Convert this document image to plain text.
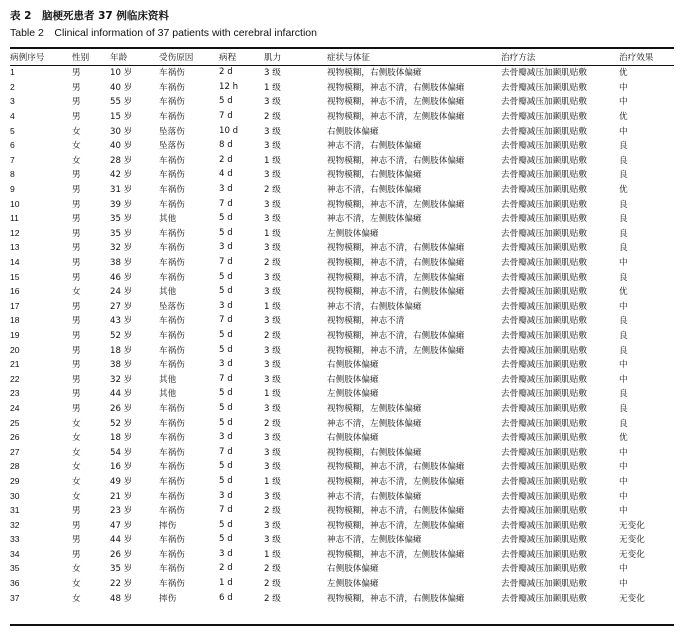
表 2　脑梗死患者 37 例临床资料
Table 2　Clinical information of 37 patients with cerebral infarction
病例序号	性别	年龄	受伤原因	病程	肌力	症状与体征	治疗方法	治疗效果
1	男	10 岁	车祸伤	2 d	3 级	视物模糊，右侧肢体偏瘫	去骨瓣减压加颞肌贴敷	优
2	男	40 岁	车祸伤	12 h	1 级	视物模糊，神志不清，右侧肢体偏瘫	去骨瓣减压加颞肌贴敷	中
3	男	55 岁	车祸伤	5 d	3 级	视物模糊，神志不清，左侧肢体偏瘫	去骨瓣减压加颞肌贴敷	中
4	男	15 岁	车祸伤	7 d	2 级	视物模糊，神志不清，左侧肢体偏瘫	去骨瓣减压加颞肌贴敷	优
5	女	30 岁	坠落伤	10 d	3 级	右侧肢体偏瘫	去骨瓣减压加颞肌贴敷	中
6	女	40 岁	坠落伤	8 d	3 级	神志不清，右侧肢体偏瘫	去骨瓣减压加颞肌贴敷	良
7	女	28 岁	车祸伤	2 d	1 级	视物模糊，神志不清，右侧肢体偏瘫	去骨瓣减压加颞肌贴敷	良
8	男	42 岁	车祸伤	4 d	3 级	视物模糊，右侧肢体偏瘫	去骨瓣减压加颞肌贴敷	良
9	男	31 岁	车祸伤	3 d	2 级	神志不清，右侧肢体偏瘫	去骨瓣减压加颞肌贴敷	优
10	男	39 岁	车祸伤	7 d	3 级	视物模糊，神志不清，左侧肢体偏瘫	去骨瓣减压加颞肌贴敷	良
11	男	35 岁	其他	5 d	3 级	神志不清，左侧肢体偏瘫	去骨瓣减压加颞肌贴敷	良
12	男	35 岁	车祸伤	5 d	1 级	左侧肢体偏瘫	去骨瓣减压加颞肌贴敷	良
13	男	32 岁	车祸伤	3 d	3 级	视物模糊，神志不清，右侧肢体偏瘫	去骨瓣减压加颞肌贴敷	良
14	男	38 岁	车祸伤	7 d	2 级	视物模糊，神志不清，右侧肢体偏瘫	去骨瓣减压加颞肌贴敷	中
15	男	46 岁	车祸伤	5 d	3 级	视物模糊，神志不清，左侧肢体偏瘫	去骨瓣减压加颞肌贴敷	良
16	女	24 岁	其他	5 d	3 级	视物模糊，神志不清，右侧肢体偏瘫	去骨瓣减压加颞肌贴敷	优
17	男	27 岁	坠落伤	3 d	1 级	神志不清，右侧肢体偏瘫	去骨瓣减压加颞肌贴敷	中
18	男	43 岁	车祸伤	7 d	3 级	视物模糊，神志不清	去骨瓣减压加颞肌贴敷	良
19	男	52 岁	车祸伤	5 d	2 级	视物模糊，神志不清，右侧肢体偏瘫	去骨瓣减压加颞肌贴敷	良
20	男	18 岁	车祸伤	5 d	3 级	视物模糊，神志不清，左侧肢体偏瘫	去骨瓣减压加颞肌贴敷	良
21	男	38 岁	车祸伤	3 d	3 级	右侧肢体偏瘫	去骨瓣减压加颞肌贴敷	中
22	男	32 岁	其他	7 d	3 级	右侧肢体偏瘫	去骨瓣减压加颞肌贴敷	中
23	男	44 岁	其他	5 d	1 级	左侧肢体偏瘫	去骨瓣减压加颞肌贴敷	良
24	男	26 岁	车祸伤	5 d	3 级	视物模糊，左侧肢体偏瘫	去骨瓣减压加颞肌贴敷	良
25	女	52 岁	车祸伤	5 d	2 级	神志不清，左侧肢体偏瘫	去骨瓣减压加颞肌贴敷	良
26	女	18 岁	车祸伤	3 d	3 级	右侧肢体偏瘫	去骨瓣减压加颞肌贴敷	优
27	女	54 岁	车祸伤	7 d	3 级	视物模糊，右侧肢体偏瘫	去骨瓣减压加颞肌贴敷	中
28	女	16 岁	车祸伤	5 d	3 级	视物模糊，神志不清，右侧肢体偏瘫	去骨瓣减压加颞肌贴敷	中
29	女	49 岁	车祸伤	5 d	1 级	视物模糊，神志不清，左侧肢体偏瘫	去骨瓣减压加颞肌贴敷	中
30	女	21 岁	车祸伤	3 d	3 级	神志不清，右侧肢体偏瘫	去骨瓣减压加颞肌贴敷	中
31	男	23 岁	车祸伤	7 d	2 级	视物模糊，神志不清，右侧肢体偏瘫	去骨瓣减压加颞肌贴敷	中
32	男	47 岁	摔伤	5 d	3 级	视物模糊，神志不清，左侧肢体偏瘫	去骨瓣减压加颞肌贴敷	无变化
33	男	44 岁	车祸伤	5 d	3 级	神志不清，左侧肢体偏瘫	去骨瓣减压加颞肌贴敷	无变化
34	男	26 岁	车祸伤	3 d	1 级	视物模糊，神志不清，左侧肢体偏瘫	去骨瓣减压加颞肌贴敷	无变化
35	女	35 岁	车祸伤	2 d	2 级	右侧肢体偏瘫	去骨瓣减压加颞肌贴敷	中
36	女	22 岁	车祸伤	1 d	2 级	左侧肢体偏瘫	去骨瓣减压加颞肌贴敷	中
37	女	48 岁	摔伤	6 d	2 级	视物模糊，神志不清，右侧肢体偏瘫	去骨瓣减压加颞肌贴敷	无变化
